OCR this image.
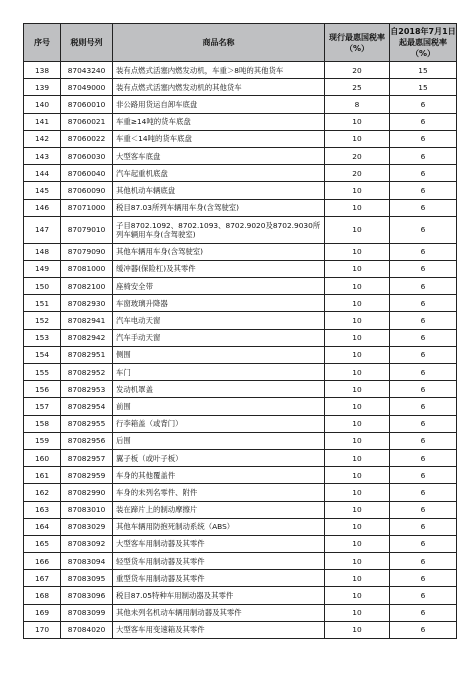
序号	税则号列	商品名称	现行最惠国税率（%）	自2018年7月1日起最惠国税率（%）
138	87043240	装有点燃式活塞内燃发动机，车重＞8吨的其他货车	20	15
139	87049000	装有点燃式活塞内燃发动机的其他货车	25	15
140	87060010	非公路用货运自卸车底盘	8	6
141	87060021	车重≥14吨的货车底盘	10	6
142	87060022	车重＜14吨的货车底盘	10	6
143	87060030	大型客车底盘	20	6
144	87060040	汽车起重机底盘	20	6
145	87060090	其他机动车辆底盘	10	6
146	87071000	税目87.03所列车辆用车身(含驾驶室)	10	6
147	87079010	子目8702.1092、8702.1093、8702.9020及8702.9030所列车辆用车身(含驾驶室)	10	6
148	87079090	其他车辆用车身(含驾驶室)	10	6
149	87081000	缓冲器(保险杠)及其零件	10	6
150	87082100	座椅安全带	10	6
151	87082930	车窗玻璃升降器	10	6
152	87082941	汽车电动天窗	10	6
153	87082942	汽车手动天窗	10	6
154	87082951	侧围	10	6
155	87082952	车门	10	6
156	87082953	发动机罩盖	10	6
157	87082954	前围	10	6
158	87082955	行李箱盖（或背门）	10	6
159	87082956	后围	10	6
160	87082957	翼子板（或叶子板）	10	6
161	87082959	车身的其他覆盖件	10	6
162	87082990	车身的未列名零件、附件	10	6
163	87083010	装在蹄片上的制动摩擦片	10	6
164	87083029	其他车辆用防抱死制动系统（ABS）	10	6
165	87083092	大型客车用制动器及其零件	10	6
166	87083094	轻型货车用制动器及其零件	10	6
167	87083095	重型货车用制动器及其零件	10	6
168	87083096	税目87.05特种车用制动器及其零件	10	6
169	87083099	其他未列名机动车辆用制动器及其零件	10	6
170	87084020	大型客车用变速箱及其零件	10	6
